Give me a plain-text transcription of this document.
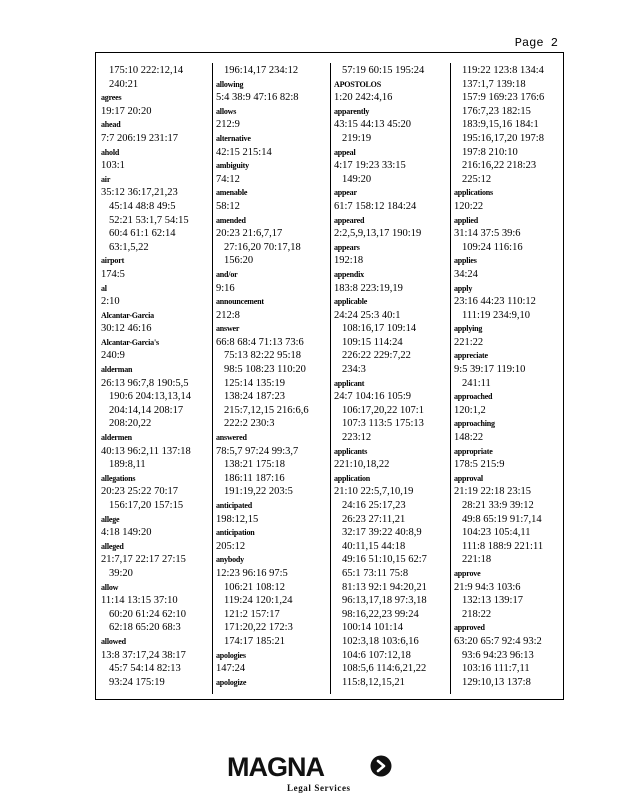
Page 2
175:10 222:12,14
240:21
agrees
19:17 20:20
ahead
7:7 206:19 231:17
ahold
103:1
air
35:12 36:17,21,23
45:14 48:8 49:5
52:21 53:1,7 54:15
60:4 61:1 62:14
63:1,5,22
airport
174:5
al
2:10
Alcantar-Garcia
30:12 46:16
Alcantar-Garcia's
240:9
alderman
26:13 96:7,8 190:5,5
190:6 204:13,13,14
204:14,14 208:17
208:20,22
aldermen
40:13 96:2,11 137:18
189:8,11
allegations
20:23 25:22 70:17
156:17,20 157:15
allege
4:18 149:20
alleged
21:7,17 22:17 27:15
39:20
allow
11:14 13:15 37:10
60:20 61:24 62:10
62:18 65:20 68:3
allowed
13:8 37:17,24 38:17
45:7 54:14 82:13
93:24 175:19
196:14,17 234:12
allowing
5:4 38:9 47:16 82:8
allows
212:9
alternative
42:15 215:14
ambiguity
74:12
amenable
58:12
amended
20:23 21:6,7,17
27:16,20 70:17,18
156:20
and/or
9:16
announcement
212:8
answer
66:8 68:4 71:13 73:6
75:13 82:22 95:18
98:5 108:23 110:20
125:14 135:19
138:24 187:23
215:7,12,15 216:6,6
222:2 230:3
answered
78:5,7 97:24 99:3,7
138:21 175:18
186:11 187:16
191:19,22 203:5
anticipated
198:12,15
anticipation
205:12
anybody
12:23 96:16 97:5
106:21 108:12
119:24 120:1,24
121:2 157:17
171:20,22 172:3
174:17 185:21
apologies
147:24
apologize
57:19 60:15 195:24
APOSTOLOS
1:20 242:4,16
apparently
43:15 44:13 45:20
219:19
appeal
4:17 19:23 33:15
149:20
appear
61:7 158:12 184:24
appeared
2:2,5,9,13,17 190:19
appears
192:18
appendix
183:8 223:19,19
applicable
24:24 25:3 40:1
108:16,17 109:14
109:15 114:24
226:22 229:7,22
234:3
applicant
24:7 104:16 105:9
106:17,20,22 107:1
107:3 113:5 175:13
223:12
applicants
221:10,18,22
application
21:10 22:5,7,10,19
24:16 25:17,23
26:23 27:11,21
32:17 39:22 40:8,9
40:11,15 44:18
49:16 51:10,15 62:7
65:1 73:11 75:8
81:13 92:1 94:20,21
96:13,17,18 97:3,18
98:16,22,23 99:24
100:14 101:14
102:3,18 103:6,16
104:6 107:12,18
108:5,6 114:6,21,22
115:8,12,15,21
119:22 123:8 134:4
137:1,7 139:18
157:9 169:23 176:6
176:7,23 182:15
183:9,15,16 184:1
195:16,17,20 197:8
197:8 210:10
216:16,22 218:23
225:12
applications
120:22
applied
31:14 37:5 39:6
109:24 116:16
applies
34:24
apply
23:16 44:23 110:12
111:19 234:9,10
applying
221:22
appreciate
9:5 39:17 119:10
241:11
approached
120:1,2
approaching
148:22
appropriate
178:5 215:9
approval
21:19 22:18 23:15
28:21 33:9 39:12
49:8 65:19 91:7,14
104:23 105:4,11
111:8 188:9 221:11
221:18
approve
21:9 94:3 103:6
132:13 139:17
218:22
approved
63:20 65:7 92:4 93:2
93:6 94:23 96:13
103:16 111:7,11
129:10,13 137:8
MAGNA
Legal Services
